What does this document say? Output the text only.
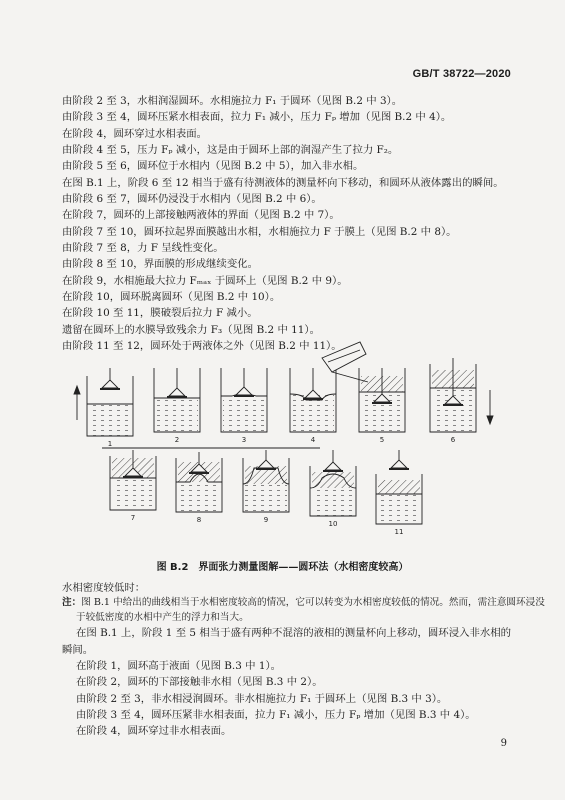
GB/T 38722—2020
由阶段 2 至 3，水相润湿圆环。水相施拉力 F₁ 于圆环（见图 B.2 中 3）。
由阶段 3 至 4，圆环压紧水相表面，拉力 F₁ 减小，压力 Fₚ 增加（见图 B.2 中 4）。
在阶段 4，圆环穿过水相表面。
由阶段 4 至 5，压力 Fₚ 减小，这是由于圆环上部的润湿产生了拉力 F₂。
由阶段 5 至 6，圆环位于水相内（见图 B.2 中 5），加入非水相。
在图 B.1 上，阶段 6 至 12 相当于盛有待测液体的测量杯向下移动，和圆环从液体露出的瞬间。
由阶段 6 至 7，圆环仍浸没于水相内（见图 B.2 中 6）。
在阶段 7，圆环的上部接触两液体的界面（见图 B.2 中 7）。
由阶段 7 至 10，圆环拉起界面膜越出水相，水相施拉力 F 于膜上（见图 B.2 中 8）。
由阶段 7 至 8，力 F 呈线性变化。
由阶段 8 至 10，界面膜的形成继续变化。
在阶段 9，水相施最大拉力 Fₘₐₓ 于圆环上（见图 B.2 中 9）。
在阶段 10，圆环脱离圆环（见图 B.2 中 10）。
在阶段 10 至 11，膜破裂后拉力 F 减小。
遗留在圆环上的水膜导致残余力 F₃（见图 B.2 中 11）。
由阶段 11 至 12，圆环处于两液体之外（见图 B.2 中 11）。
1	2	3	4	5	6
7	8	9	10
11
图 B.2　界面张力测量图解——圆环法（水相密度较高）
水相密度较低时：
注：图 B.1 中给出的曲线相当于水相密度较高的情况，它可以转变为水相密度较低的情况。然而，需注意圆环浸没
于较低密度的水相中产生的浮力和当大。
在图 B.1 上，阶段 1 至 5 相当于盛有两种不混溶的液相的测量杯向上移动，圆环浸入非水相的
瞬间。
在阶段 1，圆环高于液面（见图 B.3 中 1）。
在阶段 2，圆环的下部接触非水相（见图 B.3 中 2）。
由阶段 2 至 3，非水相浸润圆环。非水相施拉力 F₁ 于圆环上（见图 B.3 中 3）。
由阶段 3 至 4，圆环压紧非水相表面，拉力 F₁ 减小，压力 Fₚ 增加（见图 B.3 中 4）。
在阶段 4，圆环穿过非水相表面。
9
